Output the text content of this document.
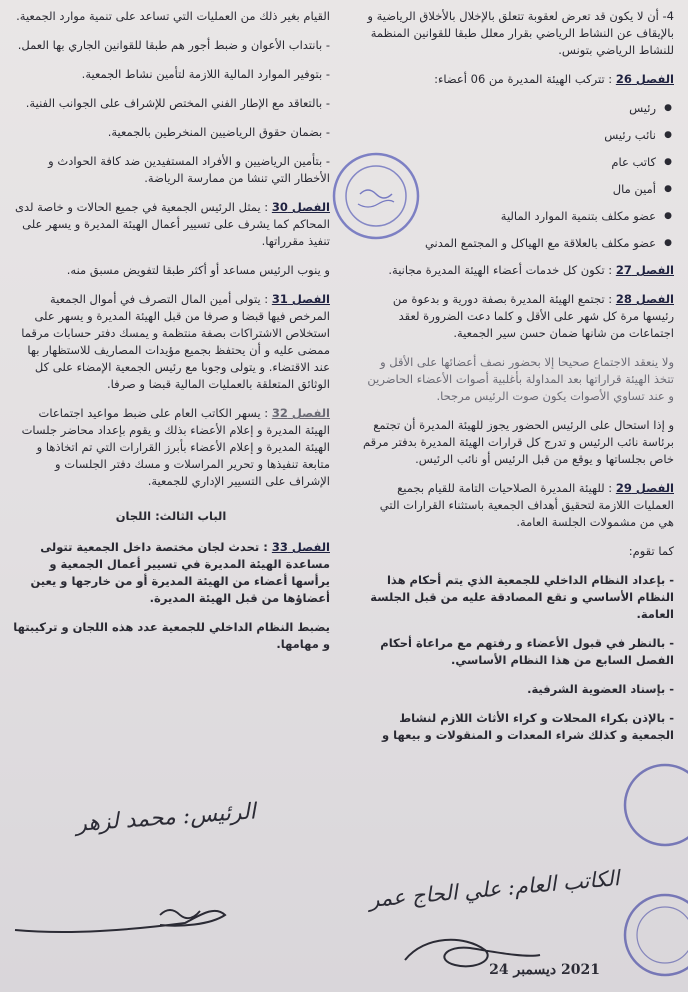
4- أن لا يكون قد تعرض لعقوبة تتعلق بالإخلال بالأخلاق الرياضية و بالإيقاف عن النشاط الرياضي بقرار معلل طبقا للقوانين المنظمة للنشاط الرياضي بتونس.

الفصل 26 : تتركب الهيئة المديرة من 06 أعضاء:

● رئيس
● نائب رئيس
● كاتب عام
● أمين مال
● عضو مكلف بتنمية الموارد المالية
● عضو مكلف بالعلاقة مع الهياكل و المجتمع المدني

الفصل 27 : تكون كل خدمات أعضاء الهيئة المديرة مجانية.

الفصل 28 : تجتمع الهيئة المديرة بصفة دورية و بدعوة من رئيسها مرة كل شهر على الأقل و كلما دعت الضرورة لعقد اجتماعات من شانها ضمان حسن سير الجمعية.

ولا ينعقد الاجتماع صحيحا إلا بحضور نصف أعضائها على الأقل و تتخذ الهيئة قراراتها بعد المداولة بأغلبية أصوات الأعضاء الحاضرين و عند تساوي الأصوات يكون صوت الرئيس مرجحا.

و إذا استحال على الرئيس الحضور يجوز للهيئة المديرة أن تجتمع برئاسة نائب الرئيس و تدرج كل قرارات الهيئة المديرة بدفتر مرقم خاص بجلساتها و يوقع من قبل الرئيس أو نائب الرئيس.

الفصل 29 : للهيئة المديرة الصلاحيات التامة للقيام بجميع العمليات اللازمة لتحقيق أهداف الجمعية باستثناء القرارات التي هي من مشمولات الجلسة العامة.

كما تقوم:

- بإعداد النظام الداخلي للجمعية الذي يتم أحكام هذا النظام الأساسي و تقع المصادقة عليه من قبل الجلسة العامة.

- بالنظر في قبول الأعضاء و رفتهم مع مراعاة أحكام الفصل السابع من هذا النظام الأساسي.

- بإسناد العضوية الشرفية.

- بالإذن بكراء المحلات و كراء الأثاث اللازم لنشاط الجمعية و كذلك شراء المعدات و المنقولات و بيعها و

القيام بغير ذلك من العمليات التي تساعد على تنمية موارد الجمعية.

- بانتداب الأعوان و ضبط أجور هم طبقا للقوانين الجاري بها العمل.

- بتوفير الموارد المالية اللازمة لتأمين نشاط الجمعية.

- بالتعاقد مع الإطار الفني المختص للإشراف على الجوانب الفنية.

- بضمان حقوق الرياضيين المنخرطين بالجمعية.

- بتأمين الرياضيين و الأفراد المستفيدين ضد كافة الحوادث و الأخطار التي تنشا من ممارسة الرياضة.

الفصل 30 : يمثل الرئيس الجمعية في جميع الحالات و خاصة لدى المحاكم كما يشرف على تسيير أعمال الهيئة المديرة و يسهر على تنفيذ مقرراتها.

و ينوب الرئيس مساعد أو أكثر طبقا لتفويض مسبق منه.

الفصل 31 : يتولى أمين المال التصرف في أموال الجمعية المرخص فيها قبضا و صرفا من قبل الهيئة المديرة و يسهر على استخلاص الاشتراكات بصفة منتظمة و يمسك دفتر حسابات مرقما ممضى عليه و أن يحتفظ بجميع مؤيدات المصاريف للاستظهار بها عند الاقتضاء. و يتولى وجوبا مع رئيس الجمعية الإمضاء على كل الوثائق المتعلقة بالعمليات المالية قبضا و صرفا.

الفصل 32 : يسهر الكاتب العام على ضبط مواعيد اجتماعات الهيئة المديرة و إعلام الأعضاء بذلك و يقوم بإعداد محاضر جلسات الهيئة المديرة و إعلام الأعضاء بأبرز القرارات التي تم اتخاذها و متابعة تنفيذها و تحرير المراسلات و مسك دفتر الجلسات و الإشراف على التسيير الإداري للجمعية.

الباب الثالث: اللجان

الفصل 33 : تحدث لجان مختصة داخل الجمعية تتولى مساعدة الهيئة المديرة في تسيير أعمال الجمعية و يرأسها أعضاء من الهيئة المديرة أو من خارجها و يعين أعضاؤها من قبل الهيئة المديرة.

يضبط النظام الداخلي للجمعية عدد هذه اللجان و تركيبتها و مهامها.

الرئيس: محمد لزهر
الكاتب العام: علي الحاج عمر
2021 ديسمبر 24
